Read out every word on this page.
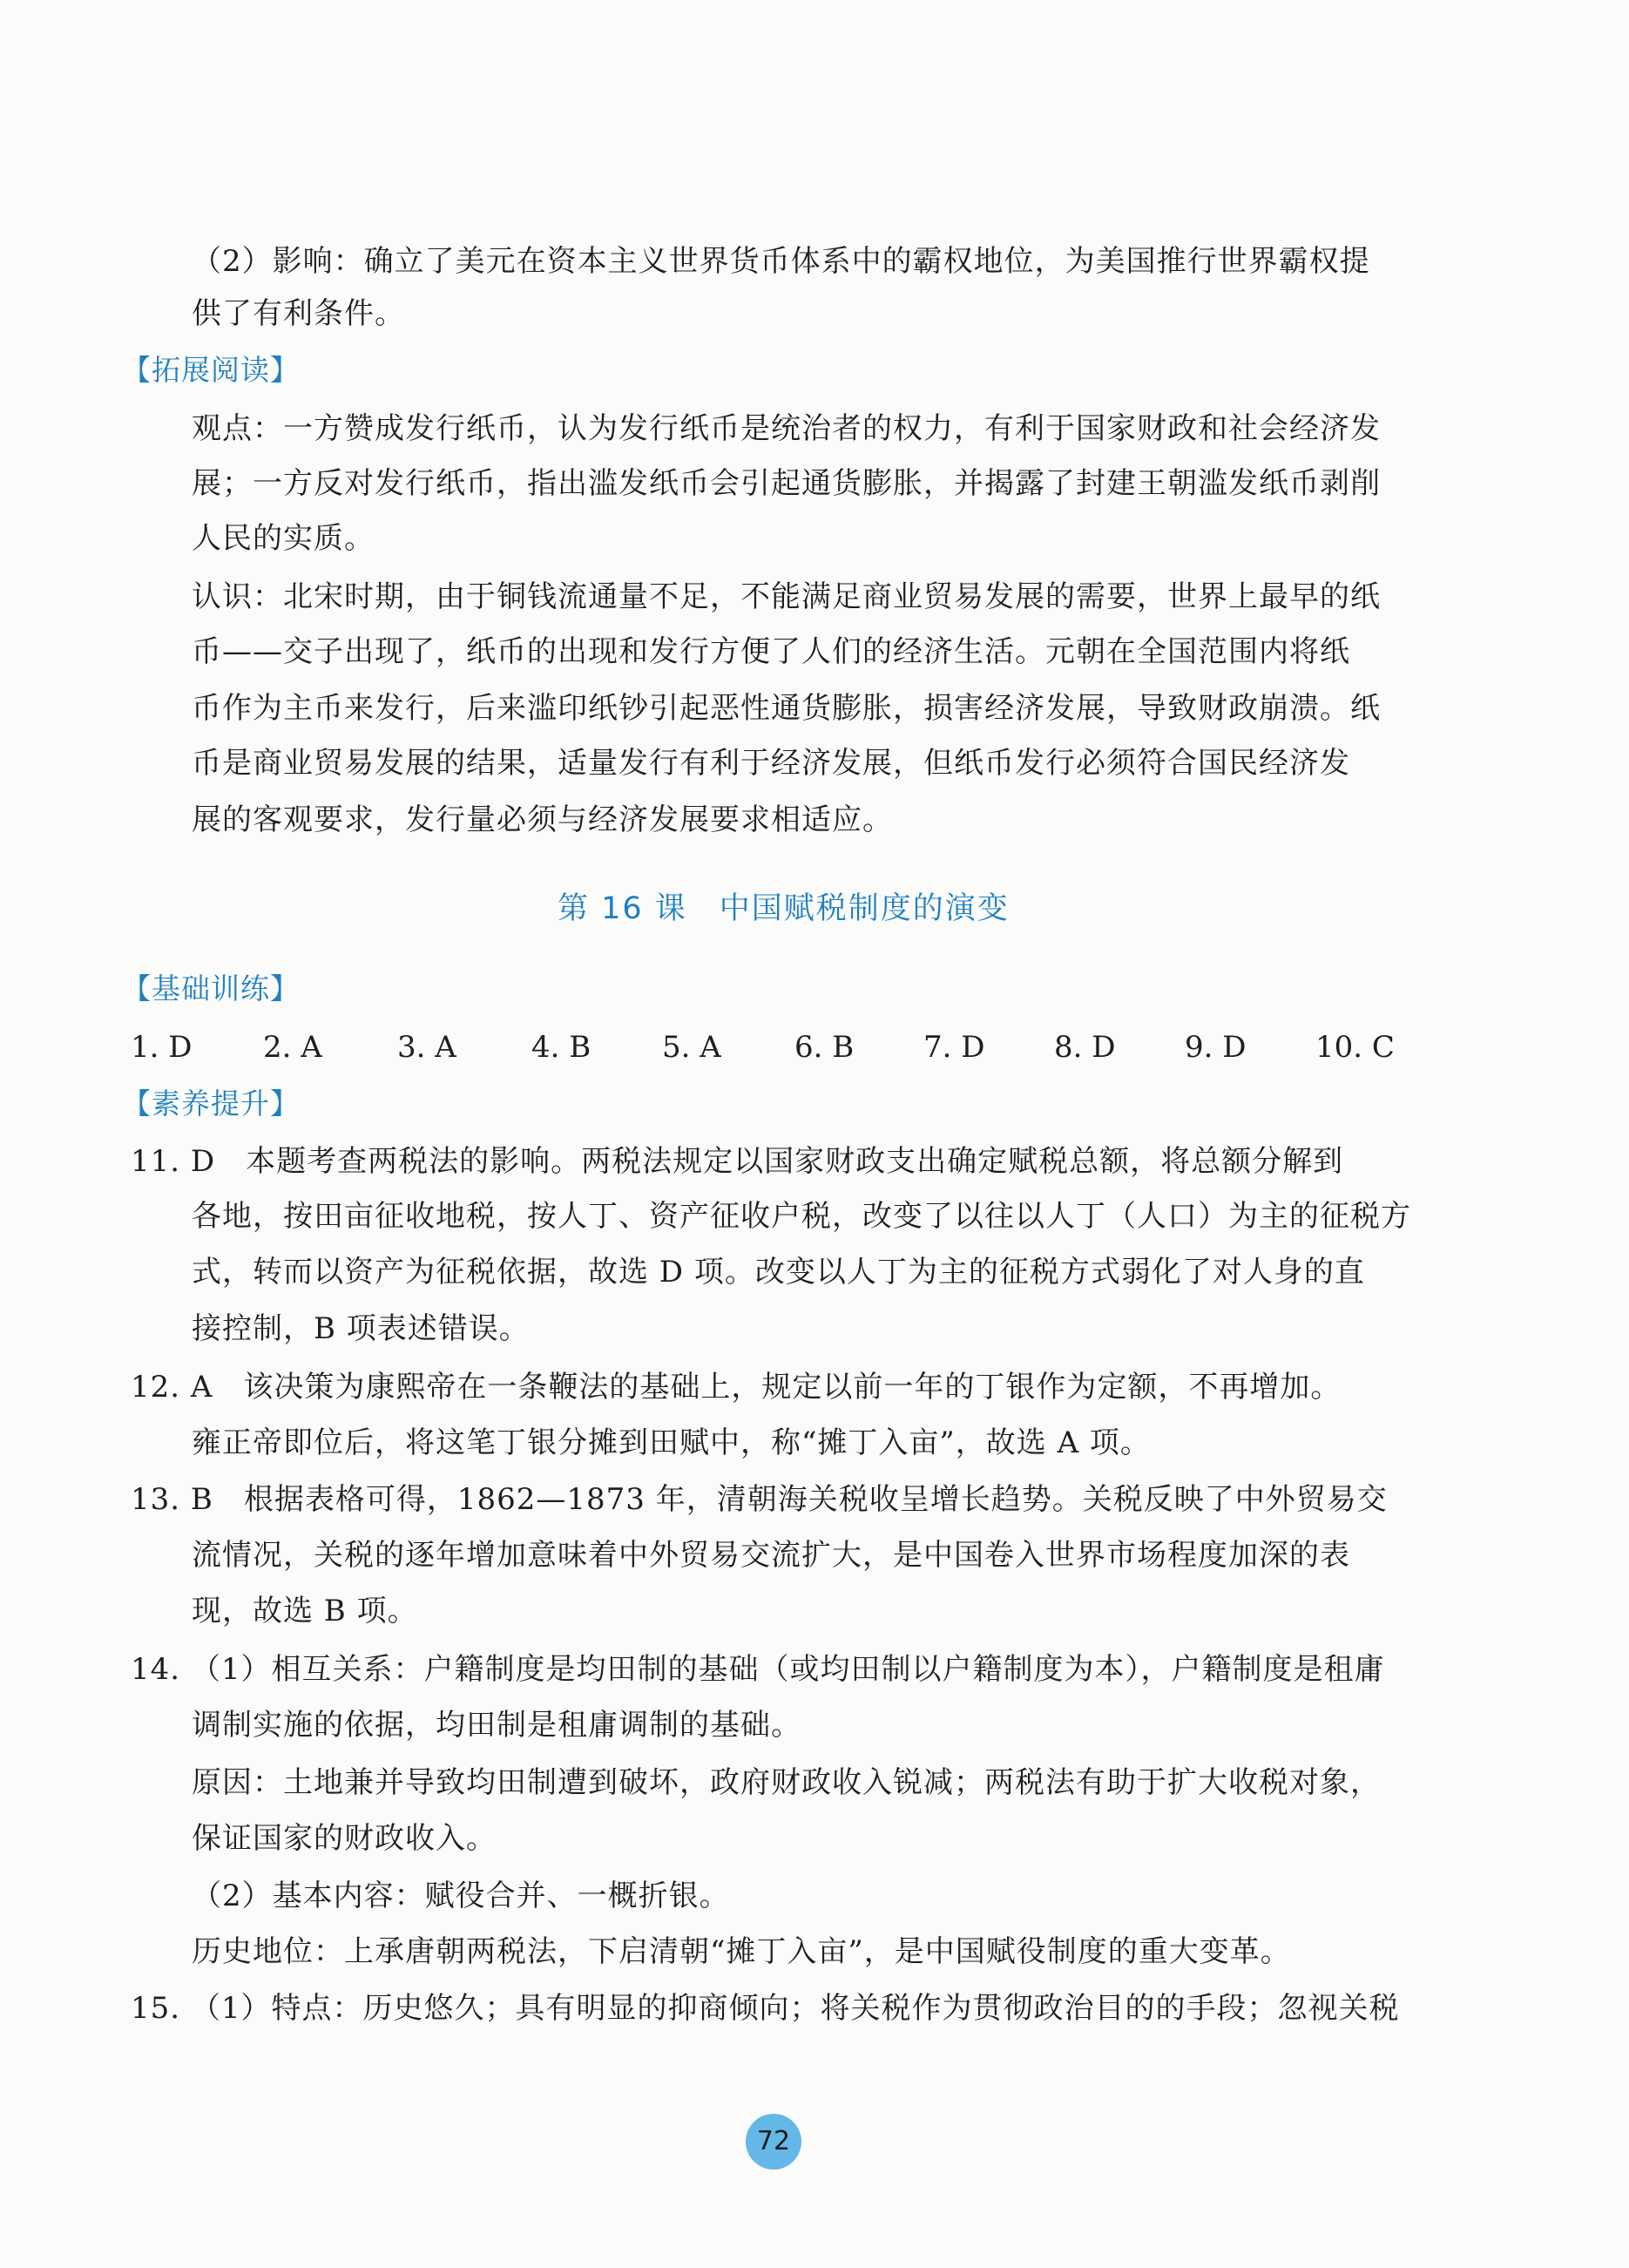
（2）影响：确立了美元在资本主义世界货币体系中的霸权地位，为美国推行世界霸权提
供了有利条件。
【拓展阅读】
观点：一方赞成发行纸币，认为发行纸币是统治者的权力，有利于国家财政和社会经济发
展；一方反对发行纸币，指出滥发纸币会引起通货膨胀，并揭露了封建王朝滥发纸币剥削
人民的实质。
认识：北宋时期，由于铜钱流通量不足，不能满足商业贸易发展的需要，世界上最早的纸
币——交子出现了，纸币的出现和发行方便了人们的经济生活。元朝在全国范围内将纸
币作为主币来发行，后来滥印纸钞引起恶性通货膨胀，损害经济发展，导致财政崩溃。纸
币是商业贸易发展的结果，适量发行有利于经济发展，但纸币发行必须符合国民经济发
展的客观要求，发行量必须与经济发展要求相适应。
第 16 课　中国赋税制度的演变
【基础训练】
1. D 2. A	3. A	4. B 5. A 6. B 7. D 8. D 9. D 10. C
【素养提升】
11. D　本题考查两税法的影响。两税法规定以国家财政支出确定赋税总额，将总额分解到
各地，按田亩征收地税，按人丁、资产征收户税，改变了以往以人丁（人口）为主的征税方
式，转而以资产为征税依据，故选 D 项。改变以人丁为主的征税方式弱化了对人身的直
接控制，B 项表述错误。
12. A　该决策为康熙帝在一条鞭法的基础上，规定以前一年的丁银作为定额，不再增加。
雍正帝即位后，将这笔丁银分摊到田赋中，称“摊丁入亩”，故选 A 项。
13. B　根据表格可得，1862—1873 年，清朝海关税收呈增长趋势。关税反映了中外贸易交
流情况，关税的逐年增加意味着中外贸易交流扩大，是中国卷入世界市场程度加深的表
现，故选 B 项。
14. （1）相互关系：户籍制度是均田制的基础（或均田制以户籍制度为本），户籍制度是租庸
调制实施的依据，均田制是租庸调制的基础。
原因：土地兼并导致均田制遭到破坏，政府财政收入锐减；两税法有助于扩大收税对象，
保证国家的财政收入。
（2）基本内容：赋役合并、一概折银。
历史地位：上承唐朝两税法，下启清朝“摊丁入亩”，是中国赋役制度的重大变革。
15. （1）特点：历史悠久；具有明显的抑商倾向；将关税作为贯彻政治目的的手段；忽视关税
72
